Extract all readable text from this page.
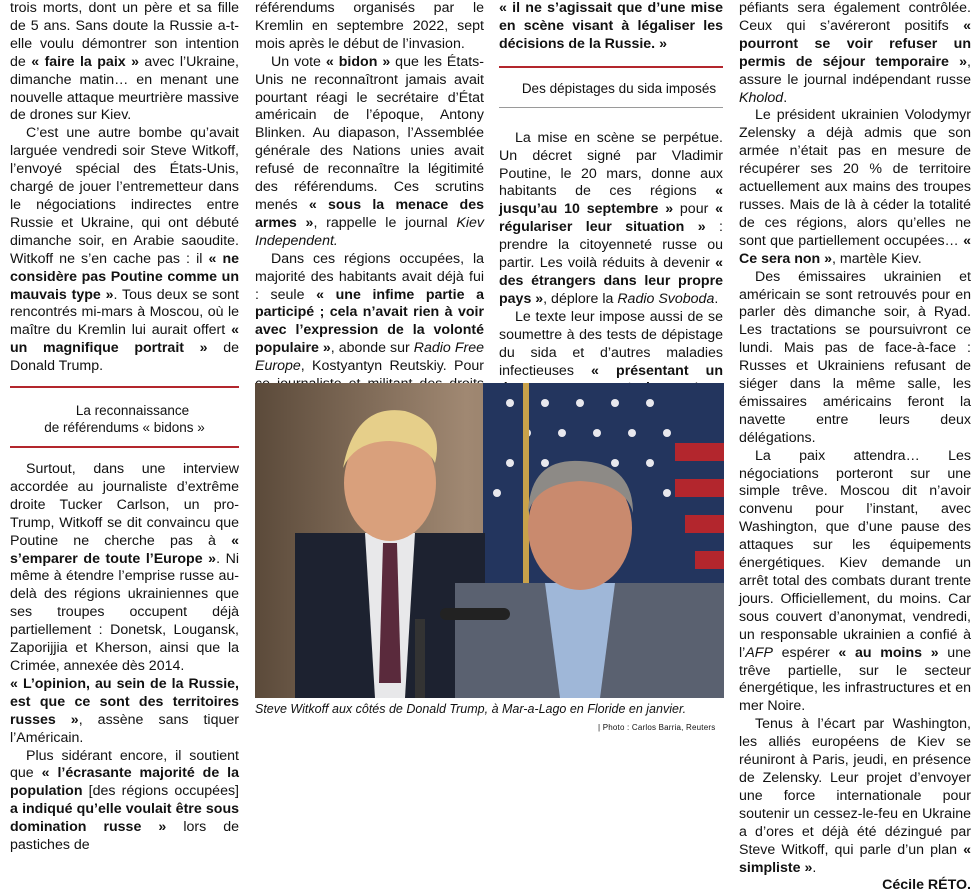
trois morts, dont un père et sa fille de 5 ans. Sans doute la Russie a-t-elle voulu démontrer son intention de « faire la paix » avec l’Ukraine, dimanche matin… en menant une nouvelle attaque meurtrière massive de drones sur Kiev.

C’est une autre bombe qu’avait larguée vendredi soir Steve Witkoff, l’envoyé spécial des États-Unis, chargé de jouer l’entremetteur dans le négociations indirectes entre Russie et Ukraine, qui ont débuté dimanche soir, en Arabie saoudite. Witkoff ne s’en cache pas : il « ne considère pas Poutine comme un mauvais type ». Tous deux se sont rencontrés mi-mars à Moscou, où le maître du Kremlin lui aurait offert « un magnifique portrait » de Donald Trump.

La reconnaissance
de référendums « bidons »

Surtout, dans une interview accordée au journaliste d’extrême droite Tucker Carlson, un pro-Trump, Witkoff se dit convaincu que Poutine ne cherche pas à « s’emparer de toute l’Europe ». Ni même à étendre l’emprise russe au-delà des régions ukrainiennes que ses troupes occupent déjà partiellement : Donetsk, Lougansk, Zaporijjia et Kherson, ainsi que la Crimée, annexée dès 2014.

« L’opinion, au sein de la Russie, est que ce sont des territoires russes », assène sans tiquer l’Américain.

Plus sidérant encore, il soutient que « l’écrasante majorité de la population [des régions occupées] a indiqué qu’elle voulait être sous domination russe » lors de pastiches de

référendums organisés par le Kremlin en septembre 2022, sept mois après le début de l’invasion.

Un vote « bidon » que les États-Unis ne reconnaîtront jamais avait pourtant réagi le secrétaire d’État américain de l’époque, Antony Blinken. Au diapason, l’Assemblée générale des Nations unies avait refusé de reconnaître la légitimité des référendums. Ces scrutins menés « sous la menace des armes », rappelle le journal Kiev Independent.

Dans ces régions occupées, la majorité des habitants avait déjà fui : seule « une infime partie a participé ; cela n’avait rien à voir avec l’expression de la volonté populaire », abonde sur Radio Free Europe, Kostyantyn Reutskiy. Pour

« il ne s’agissait que d’une mise en scène visant à légaliser les décisions de la Russie. »

Des dépistages du sida imposés

La mise en scène se perpétue. Un décret signé par Vladimir Poutine, le 20 mars, donne aux habitants de ces régions « jusqu’au 10 septembre » pour « régulariser leur situation » : prendre la citoyenneté russe ou partir. Les voilà réduits à devenir « des étrangers dans leur propre pays », déplore la Radio Svoboda.

Le texte leur impose aussi de se soumettre à des tests de dépistage du sida et d’autres maladies infectieuses « présentant un

péfiants sera également contrôlée. Ceux qui s’avéreront positifs « pourront se voir refuser un permis de séjour temporaire », assure le journal indépendant russe Kholod.

Le président ukrainien Volodymyr Zelensky a déjà admis que son armée n’était pas en mesure de récupérer ses 20 % de territoire actuellement aux mains des troupes russes. Mais de là à céder la totalité de ces régions, alors qu’elles ne sont que partiellement occupées… « Ce sera non », martèle Kiev.

Des émissaires ukrainien et américain se sont retrouvés pour en parler dès dimanche soir, à Ryad. Les tractations se poursuivront ce lundi. Mais pas de face-à-face : Russes et Ukrainiens refusant de siéger dans la même salle, les émissaires américains feront la navette entre leurs deux délégations.

La paix attendra… Les négociations porteront sur une simple trêve. Moscou dit n’avoir convenu pour l’instant, avec Washington, que d’une pause des attaques sur les équipements énergétiques. Kiev demande un arrêt total des combats durant trente jours. Officiellement, du moins. Car sous couvert d’anonymat, vendredi, un responsable ukrainien a confié à l’AFP espérer « au moins » une trêve partielle, sur le secteur énergétique, les infrastructures et en mer Noire.

Tenus à l’écart par Washington, les alliés européens de Kiev se réuniront à Paris, jeudi, en présence de Zelensky. Leur projet d’envoyer une force internationale pour soutenir un cessez-le-feu en Ukraine a d’ores et déjà été dézingué par Steve Witkoff, qui parle d’un plan « simpliste ».

Cécile RÉTO.

Steve Witkoff aux côtés de Donald Trump, à Mar-a-Lago en Floride en janvier.
| Photo : Carlos Barria, Reuters
